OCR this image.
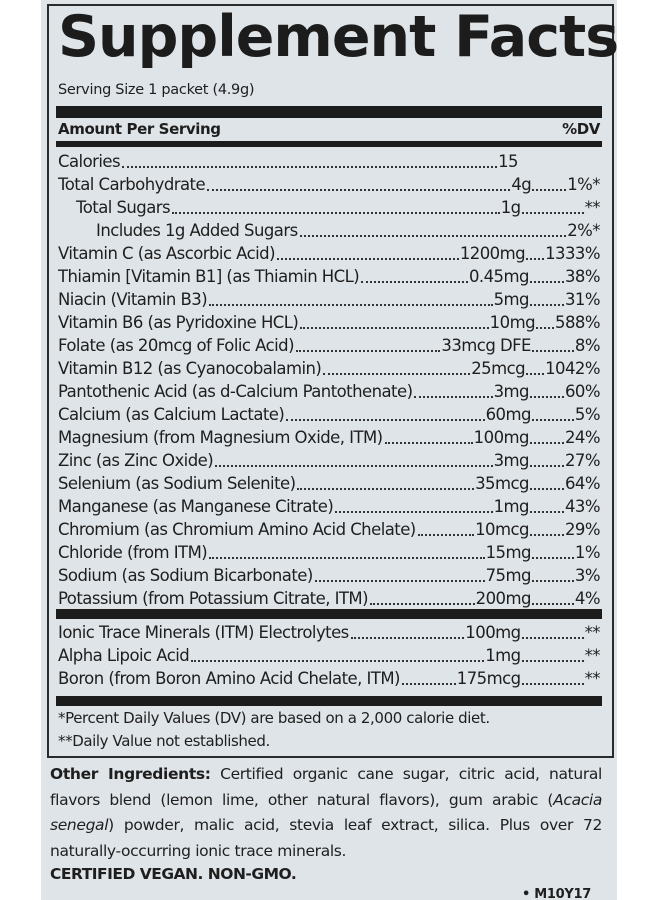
Supplement Facts
Serving Size 1 packet (4.9g)
Amount Per Serving	%DV
Calories	15
Total Carbohydrate	4g 1%*
Total Sugars	1g	**
Includes 1g Added Sugars	2%*
Vitamin C (as Ascorbic Acid)	1200mg 1333%
Thiamin [Vitamin B1] (as Thiamin HCL)	0.45mg 38%
Niacin (Vitamin B3)	5mg 31%
Vitamin B6 (as Pyridoxine HCL)	10mg 588%
Folate (as 20mcg of Folic Acid)	33mcg DFE	8%
Vitamin B12 (as Cyanocobalamin)	25mcg 1042%
Pantothenic Acid (as d-Calcium Pantothenate)	3mg 60%
Calcium (as Calcium Lactate)	60mg	5%
Magnesium (from Magnesium Oxide, ITM)	100mg 24%
Zinc (as Zinc Oxide)	3mg 27%
Selenium (as Sodium Selenite)	35mcg 64%
Manganese (as Manganese Citrate)	1mg 43%
Chromium (as Chromium Amino Acid Chelate)	10mcg 29%
Chloride (from ITM)	15mg	1%
Sodium (as Sodium Bicarbonate)	75mg	3%
Potassium (from Potassium Citrate, ITM)	200mg	4%
Ionic Trace Minerals (ITM) Electrolytes	100mg	**
Alpha Lipoic Acid	1mg	**
Boron (from Boron Amino Acid Chelate, ITM)	175mcg	**
*Percent Daily Values (DV) are based on a 2,000 calorie diet.
**Daily Value not established.
Other Ingredients: Certified organic cane sugar, citric acid, natural flavors blend (lemon lime, other natural flavors), gum arabic (Acacia senegal) powder, malic acid, stevia leaf extract, silica. Plus over 72 naturally-occurring ionic trace minerals.
CERTIFIED VEGAN. NON-GMO.
• M10Y17
